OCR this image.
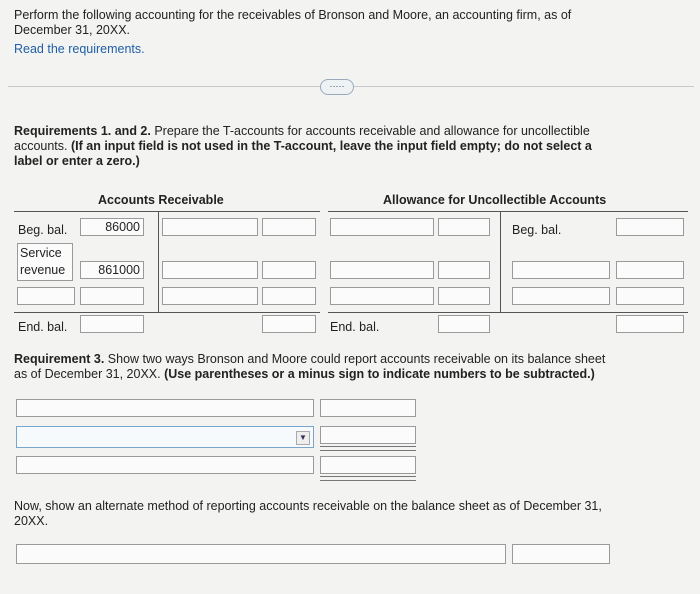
Perform the following accounting for the receivables of Bronson and Moore, an accounting firm, as of
December 31, 20XX.
Read the requirements.
·····
Requirements 1. and 2. Prepare the T-accounts for accounts receivable and allowance for uncollectible
accounts. (If an input field is not used in the T-account, leave the input field empty; do not select a
label or enter a zero.)
Accounts Receivable	Allowance for Uncollectible Accounts
Beg. bal.	86000
Service
revenue	861000
End. bal.
Beg. bal.
End. bal.
Requirement 3. Show two ways Bronson and Moore could report accounts receivable on its balance sheet
as of December 31, 20XX. (Use parentheses or a minus sign to indicate numbers to be subtracted.)
▼
Now, show an alternate method of reporting accounts receivable on the balance sheet as of December 31,
20XX.
